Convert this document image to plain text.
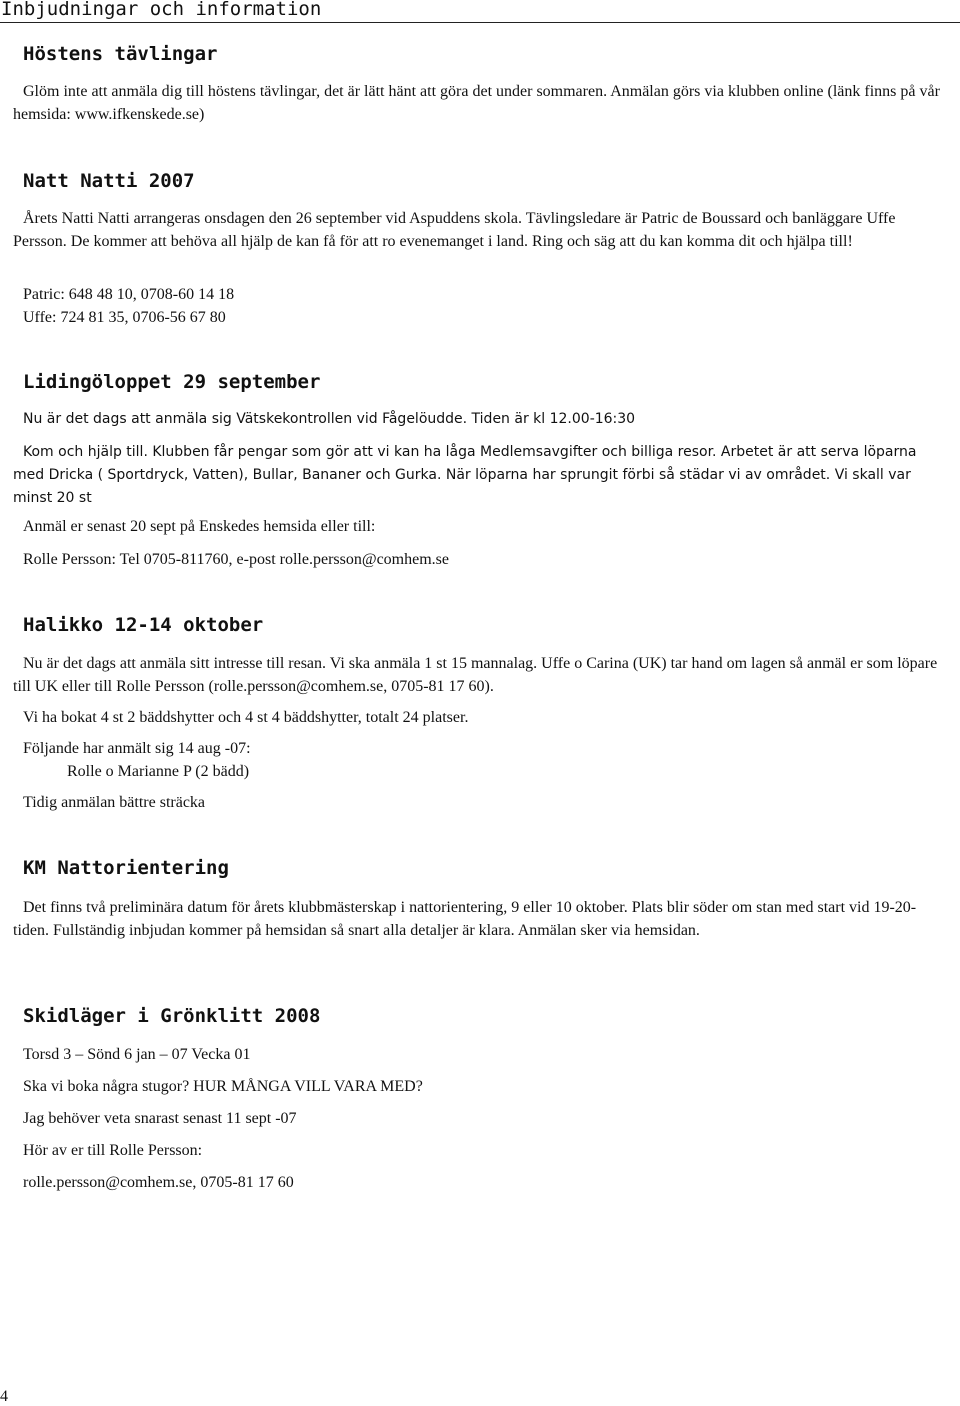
Inbjudningar och information
Höstens tävlingar
Glöm inte att anmäla dig till höstens tävlingar, det är lätt hänt att göra det under sommaren. Anmälan görs via klubben online (länk finns på vår hemsida: www.ifkenskede.se)
Natt Natti 2007
Årets Natti Natti arrangeras onsdagen den 26 september vid Aspuddens skola. Tävlingsledare är Patric de Boussard och banläggare Uffe Persson. De kommer att behöva all hjälp de kan få för att ro evenemanget i land. Ring och säg att du kan komma dit och hjälpa till!
Patric: 648 48 10, 0708-60 14 18
Uffe: 724 81 35, 0706-56 67 80
Lidingöloppet 29 september
Nu är det dags att anmäla sig Vätskekontrollen vid Fågelöudde. Tiden är kl 12.00-16:30
Kom och hjälp till. Klubben får pengar som gör att vi kan ha låga Medlemsavgifter och billiga resor. Arbetet är att serva löparna med Dricka ( Sportdryck, Vatten), Bullar, Bananer och Gurka. När löparna har sprungit förbi så städar vi av området. Vi skall var minst 20 st
Anmäl er senast 20 sept på Enskedes hemsida eller till:
Rolle Persson: Tel 0705-811760, e-post rolle.persson@comhem.se
Halikko 12-14 oktober
Nu är det dags att anmäla sitt intresse till resan. Vi ska anmäla 1 st 15 mannalag. Uffe o Carina (UK) tar hand om lagen så anmäl er som löpare till UK eller till Rolle Persson (rolle.persson@comhem.se, 0705-81 17 60).
Vi ha bokat 4 st 2 bäddshytter och 4 st 4 bäddshytter, totalt 24 platser.
Följande har anmält sig 14 aug -07:
Rolle o Marianne P (2 bädd)
Tidig anmälan bättre sträcka
KM Nattorientering
Det finns två preliminära datum för årets klubbmästerskap i nattorientering, 9 eller 10 oktober. Plats blir söder om stan med start vid 19-20-tiden. Fullständig inbjudan kommer på hemsidan så snart alla detaljer är klara. Anmälan sker via hemsidan.
Skidläger i Grönklitt 2008
Torsd 3 – Sönd 6 jan – 07 Vecka 01
Ska vi boka några stugor? HUR MÅNGA VILL VARA MED?
Jag behöver veta snarast senast 11 sept -07
Hör av er till Rolle Persson:
rolle.persson@comhem.se, 0705-81 17 60
4
